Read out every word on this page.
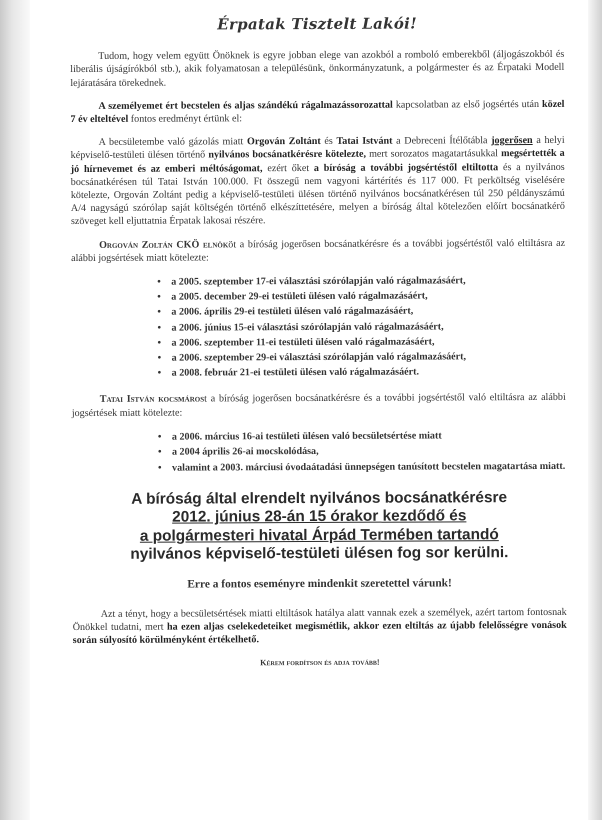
Érpatak Tisztelt Lakói!

Tudom, hogy velem együtt Önöknek is egyre jobban elege van azokból a romboló emberekből (áljogászokból és liberális újságírókból stb.), akik folyamatosan a településünk, önkormányzatunk, a polgármester és az Érpataki Modell lejáratására törekednek.

A személyemet ért becstelen és aljas szándékú rágalmazássorozattal kapcsolatban az első jogsértés után közel 7 év elteltével fontos eredményt értünk el:

A becsületembe való gázolás miatt Orgován Zoltánt és Tatai Istvánt a Debreceni Ítélőtábla jogerősen a helyi képviselő-testületi ülésen történő nyilvános bocsánatkérésre kötelezte, mert sorozatos magatartásukkal megsértették a jó hírnevemet és az emberi méltóságomat, ezért őket a bíróság a további jogsértéstől eltiltotta és a nyilvános bocsánatkérésen túl Tatai István 100.000. Ft összegű nem vagyoni kártérítés és 117 000. Ft perköltség viselésére kötelezte, Orgován Zoltánt pedig a képviselő-testületi ülésen történő nyilvános bocsánatkérésen túl 250 példányszámú A/4 nagyságú szórólap saját költségén történő elkészíttetésére, melyen a bíróság által kötelezően előírt bocsánatkérő szöveget kell eljuttatnia Érpatak lakosai részére.

Orgován Zoltán CKÖ elnököt a bíróság jogerősen bocsánatkérésre és a további jogsértéstől való eltiltásra az alábbi jogsértések miatt kötelezte:

• a 2005. szeptember 17-ei választási szórólapján való rágalmazásáért,
• a 2005. december 29-ei testületi ülésen való rágalmazásáért,
• a 2006. április 29-ei testületi ülésen való rágalmazásáért,
• a 2006. június 15-ei választási szórólapján való rágalmazásáért,
• a 2006. szeptember 11-ei testületi ülésen való rágalmazásáért,
• a 2006. szeptember 29-ei választási szórólapján való rágalmazásáért,
• a 2008. február 21-ei testületi ülésen való rágalmazásáért.

Tatai István kocsmárost a bíróság jogerősen bocsánatkérésre és a további jogsértéstől való eltiltásra az alábbi jogsértések miatt kötelezte:

• a 2006. március 16-ai testületi ülésen való becsületsértése miatt
• a 2004 április 26-ai mocskolódása,
• valamint a 2003. márciusi óvodaátadási ünnepségen tanúsított becstelen magatartása miatt.
A bíróság által elrendelt nyilvános bocsánatkérésre
2012. június 28-án 15 órakor kezdődő és
a polgármesteri hivatal Árpád Termében tartandó
nyilvános képviselő-testületi ülésen fog sor kerülni.
Erre a fontos eseményre mindenkit szeretettel várunk!

Azt a tényt, hogy a becsületsértések miatti eltiltások hatálya alatt vannak ezek a személyek, azért tartom fontosnak Önökkel tudatni, mert ha ezen aljas cselekedeteiket megismétlik, akkor ezen eltiltás az újabb felelősségre vonások során súlyosító körülményként értékelhető.

Kérem fordítson és adja tovább!
